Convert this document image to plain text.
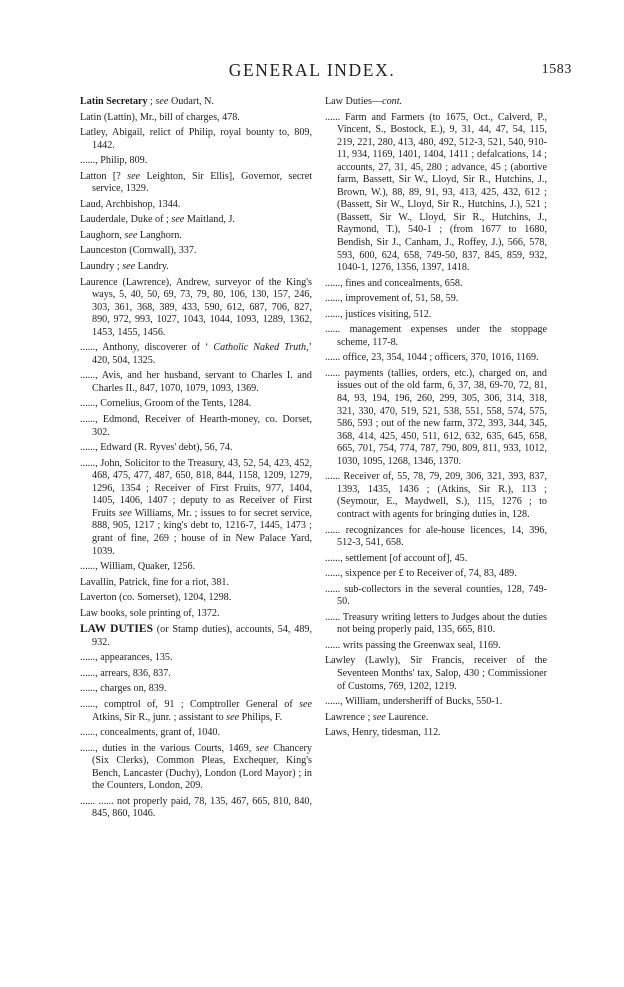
GENERAL INDEX.	1583

Latin Secretary ; see Oudart, N.

Latin (Lattin), Mr., bill of charges, 478.

Latley, Abigail, relict of Philip, royal bounty to, 809, 1442.

......, Philip, 809.

Latton [? see Leighton, Sir Ellis], Governor, secret service, 1329.

Laud, Archbishop, 1344.

Lauderdale, Duke of ; see Maitland, J.

Laughorn, see Langhorn.

Launceston (Cornwall), 337.

Laundry ; see Landry.

Laurence (Lawrence), Andrew, surveyor of the King's ways, 5, 40, 50, 69, 73, 79, 80, 106, 130, 157, 246, 303, 361, 368, 389, 433, 590, 612, 687, 706, 827, 890, 972, 993, 1027, 1043, 1044, 1093, 1289, 1362, 1453, 1455, 1456.

......, Anthony, discoverer of ‘ Catholic Naked Truth,’ 420, 504, 1325.

......, Avis, and her husband, servant to Charles I. and Charles II., 847, 1070, 1079, 1093, 1369.

......, Cornelius, Groom of the Tents, 1284.

......, Edmond, Receiver of Hearth-money, co. Dorset, 302.

......, Edward (R. Ryves' debt), 56, 74.

......, John, Solicitor to the Treasury, 43, 52, 54, 423, 452, 468, 475, 477, 487, 650, 818, 844, 1158, 1209, 1279, 1296, 1354 ; Receiver of First Fruits, 977, 1404, 1405, 1406, 1407 ; deputy to as Receiver of First Fruits see Williams, Mr. ; issues to for secret service, 888, 905, 1217 ; king's debt to, 1216-7, 1445, 1473 ; grant of fine, 269 ; house of in New Palace Yard, 1039.

......, William, Quaker, 1256.

Lavallin, Patrick, fine for a riot, 381.

Laverton (co. Somerset), 1204, 1298.

Law books, sole printing of, 1372.

LAW DUTIES (or Stamp duties), accounts, 54, 489, 932.

......, appearances, 135.

......, arrears, 836, 837.

......, charges on, 839.

......, comptrol of, 91 ; Comptroller General of see Atkins, Sir R., junr. ; assistant to see Philips, F.

......, concealments, grant of, 1040.

......, duties in the various Courts, 1469, see Chancery (Six Clerks), Common Pleas, Exchequer, King's Bench, Lancaster (Duchy), London (Lord Mayor) ; in the Counters, London, 209.

...... ...... not properly paid, 78, 135, 467, 665, 810, 840, 845, 860, 1046.

Law Duties—cont.

...... Farm and Farmers (to 1675, Oct., Calverd, P., Vincent, S., Bostock, E.), 9, 31, 44, 47, 54, 115, 219, 221, 280, 413, 480, 492, 512-3, 521, 540, 910-11, 934, 1169, 1401, 1404, 1411 ; defalcations, 14 ; accounts, 27, 31, 45, 280 ; advance, 45 ; (abortive farm, Bassett, Sir W., Lloyd, Sir R., Hutchins, J., Brown, W.), 88, 89, 91, 93, 413, 425, 432, 612 ; (Bassett, Sir W., Lloyd, Sir R., Hutchins, J.), 521 ; (Bassett, Sir W., Lloyd, Sir R., Hutchins, J., Raymond, T.), 540-1 ; (from 1677 to 1680, Bendish, Sir J., Canham, J., Roffey, J.), 566, 578, 593, 600, 624, 658, 749-50, 837, 845, 859, 932, 1040-1, 1276, 1356, 1397, 1418.

......, fines and concealments, 658.

......, improvement of, 51, 58, 59.

......, justices visiting, 512.

...... management expenses under the stoppage scheme, 117-8.

...... office, 23, 354, 1044 ; officers, 370, 1016, 1169.

...... payments (tallies, orders, etc.), charged on, and issues out of the old farm, 6, 37, 38, 69-70, 72, 81, 84, 93, 194, 196, 260, 299, 305, 306, 314, 318, 321, 330, 470, 519, 521, 538, 551, 558, 574, 575, 586, 593 ; out of the new farm, 372, 393, 344, 345, 368, 414, 425, 450, 511, 612, 632, 635, 645, 658, 665, 701, 754, 774, 787, 790, 809, 811, 933, 1012, 1030, 1095, 1268, 1346, 1370.

...... Receiver of, 55, 78, 79, 209, 306, 321, 393, 837, 1393, 1435, 1436 ; (Atkins, Sir R.), 113 ; (Seymour, E., Maydwell, S.), 115, 1276 ; to contract with agents for bringing duties in, 128.

...... recognizances for ale-house licences, 14, 396, 512-3, 541, 658.

......, settlement [of account of], 45.

......, sixpence per £ to Receiver of, 74, 83, 489.

...... sub-collectors in the several counties, 128, 749-50.

...... Treasury writing letters to Judges about the duties not being properly paid, 135, 665, 810.

...... writs passing the Greenwax seal, 1169.

Lawley (Lawly), Sir Francis, receiver of the Seventeen Months' tax, Salop, 430 ; Commissioner of Customs, 769, 1202, 1219.

......, William, undersheriff of Bucks, 550-1.

Lawrence ; see Laurence.

Laws, Henry, tidesman, 112.
